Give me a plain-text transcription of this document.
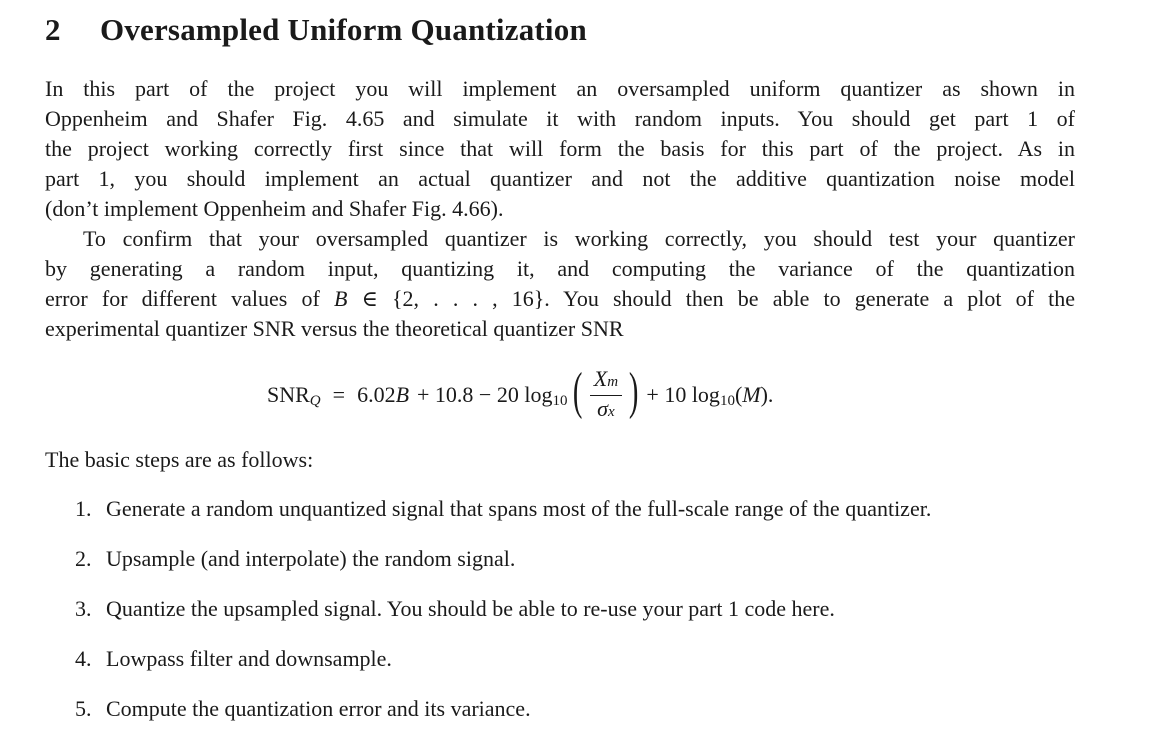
2 Oversampled Uniform Quantization

In this part of the project you will implement an oversampled uniform quantizer as shown in
Oppenheim and Shafer Fig. 4.65 and simulate it with random inputs. You should get part 1 of
the project working correctly first since that will form the basis for this part of the project. As in
part 1, you should implement an actual quantizer and not the additive quantization noise model
(don’t implement Oppenheim and Shafer Fig. 4.66).

To confirm that your oversampled quantizer is working correctly, you should test your quantizer
by generating a random input, quantizing it, and computing the variance of the quantization
error for different values of B ∈ {2, . . . , 16}. You should then be able to generate a plot of the
experimental quantizer SNR versus the theoretical quantizer SNR

SNR Q = 6.02 B + 10.8 − 20 log 10 ( $\frac{Xm}{\sigma x}$ ) + 10 log 10 ( M ).

The basic steps are as follows:

1. Generate a random unquantized signal that spans most of the full-scale range of the quantizer.
2. Upsample (and interpolate) the random signal.
3. Quantize the upsampled signal. You should be able to re-use your part 1 code here.
4. Lowpass filter and downsample.
5. Compute the quantization error and its variance.
